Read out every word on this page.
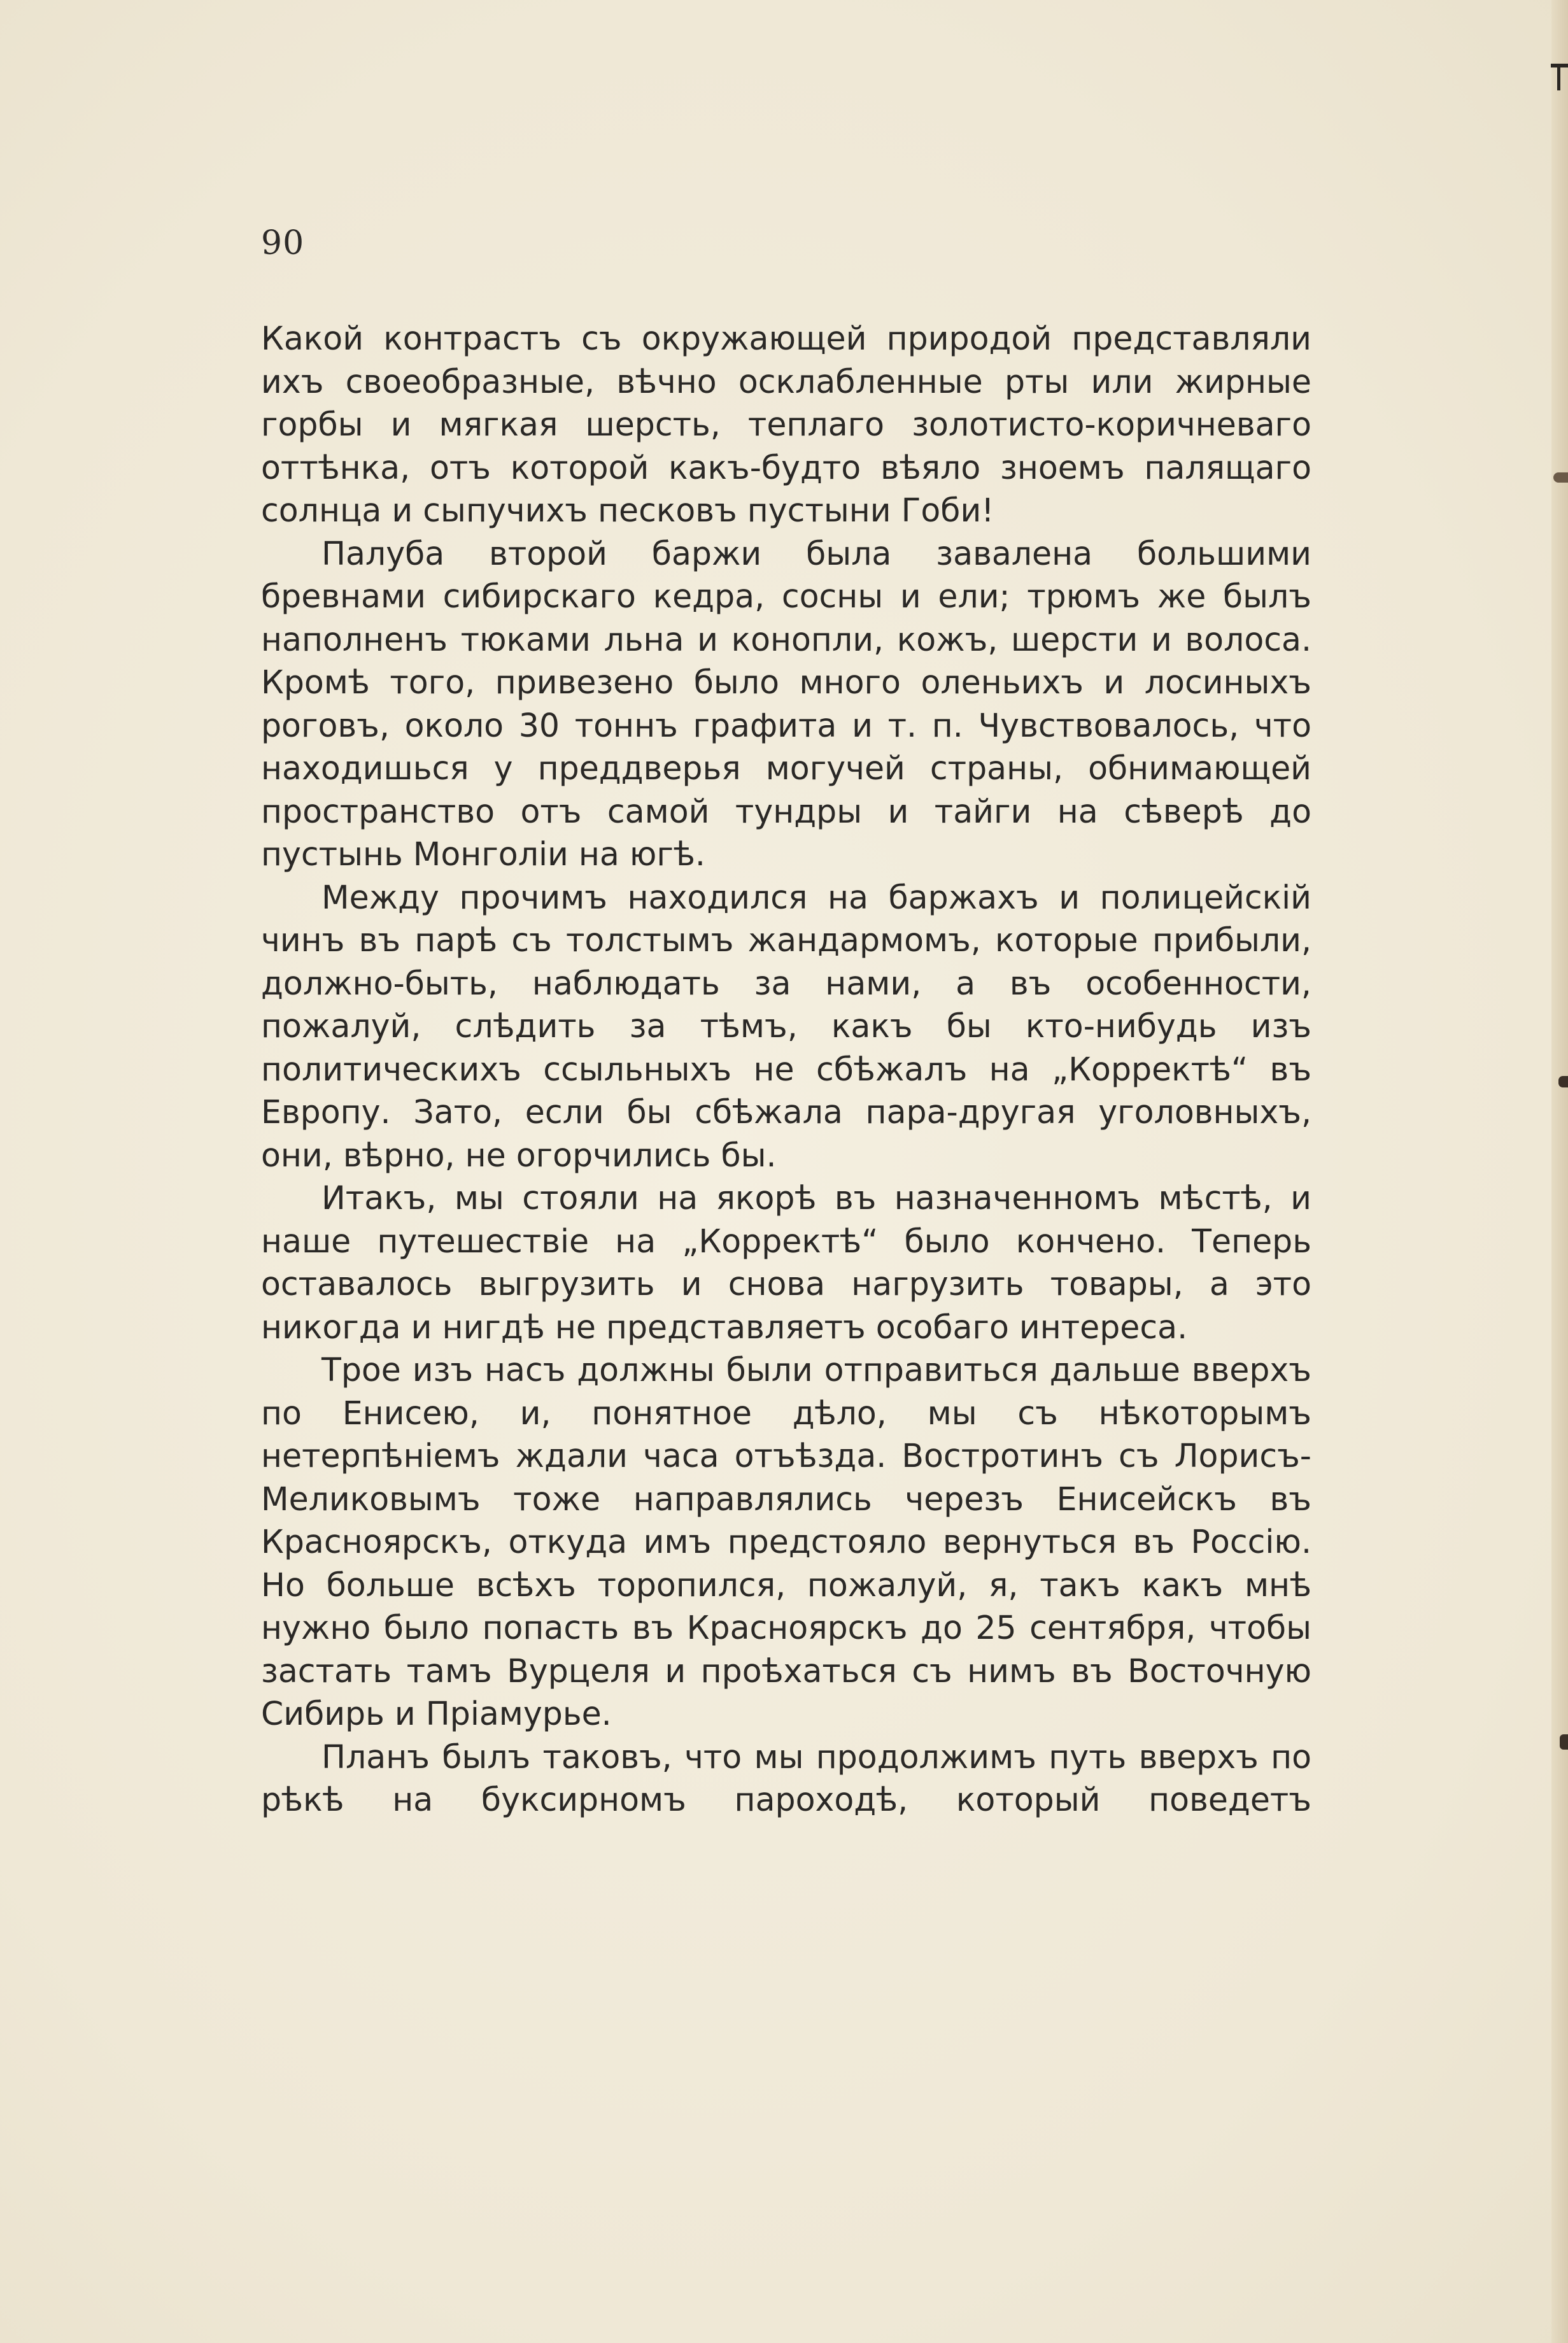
90

Какой контрастъ съ окружающей природой представляли ихъ своеобразные, вѣчно осклабленные рты или жирные горбы и мягкая шерсть, теплаго золотисто-коричневаго оттѣнка, отъ которой какъ-будто вѣяло зноемъ палящаго солнца и сыпучихъ песковъ пустыни Гоби!

Палуба второй баржи была завалена большими бревнами сибирскаго кедра, сосны и ели; трюмъ же былъ наполненъ тюками льна и конопли, кожъ, шерсти и волоса. Кромѣ того, привезено было много оленьихъ и лосиныхъ роговъ, около 30 тоннъ графита и т. п. Чувствовалось, что находишься у преддверья могучей страны, обнимающей пространство отъ самой тундры и тайги на сѣверѣ до пустынь Монголіи на югѣ.

Между прочимъ находился на баржахъ и полицейскій чинъ въ парѣ съ толстымъ жандармомъ, которые прибыли, должно-быть, наблюдать за нами, а въ особенности, пожалуй, слѣдить за тѣмъ, какъ бы кто-нибудь изъ политическихъ ссыльныхъ не сбѣжалъ на „Корректѣ“ въ Европу. Зато, если бы сбѣжала пара-другая уголовныхъ, они, вѣрно, не огорчились бы.

Итакъ, мы стояли на якорѣ въ назначенномъ мѣстѣ, и наше путешествіе на „Корректѣ“ было кончено. Теперь оставалось выгрузить и снова нагрузить товары, а это никогда и нигдѣ не представляетъ особаго интереса.

Трое изъ насъ должны были отправиться дальше вверхъ по Енисею, и, понятное дѣло, мы съ нѣкоторымъ нетерпѣніемъ ждали часа отъѣзда. Востротинъ съ Лорисъ-Меликовымъ тоже направлялись черезъ Енисейскъ въ Красноярскъ, откуда имъ предстояло вернуться въ Россію. Но больше всѣхъ торопился, пожалуй, я, такъ какъ мнѣ нужно было попасть въ Красноярскъ до 25 сентября, чтобы застать тамъ Вурцеля и проѣхаться съ нимъ въ Восточную Сибирь и Пріамурье.

Планъ былъ таковъ, что мы продолжимъ путь вверхъ по рѣкѣ на буксирномъ пароходѣ, который поведетъ
